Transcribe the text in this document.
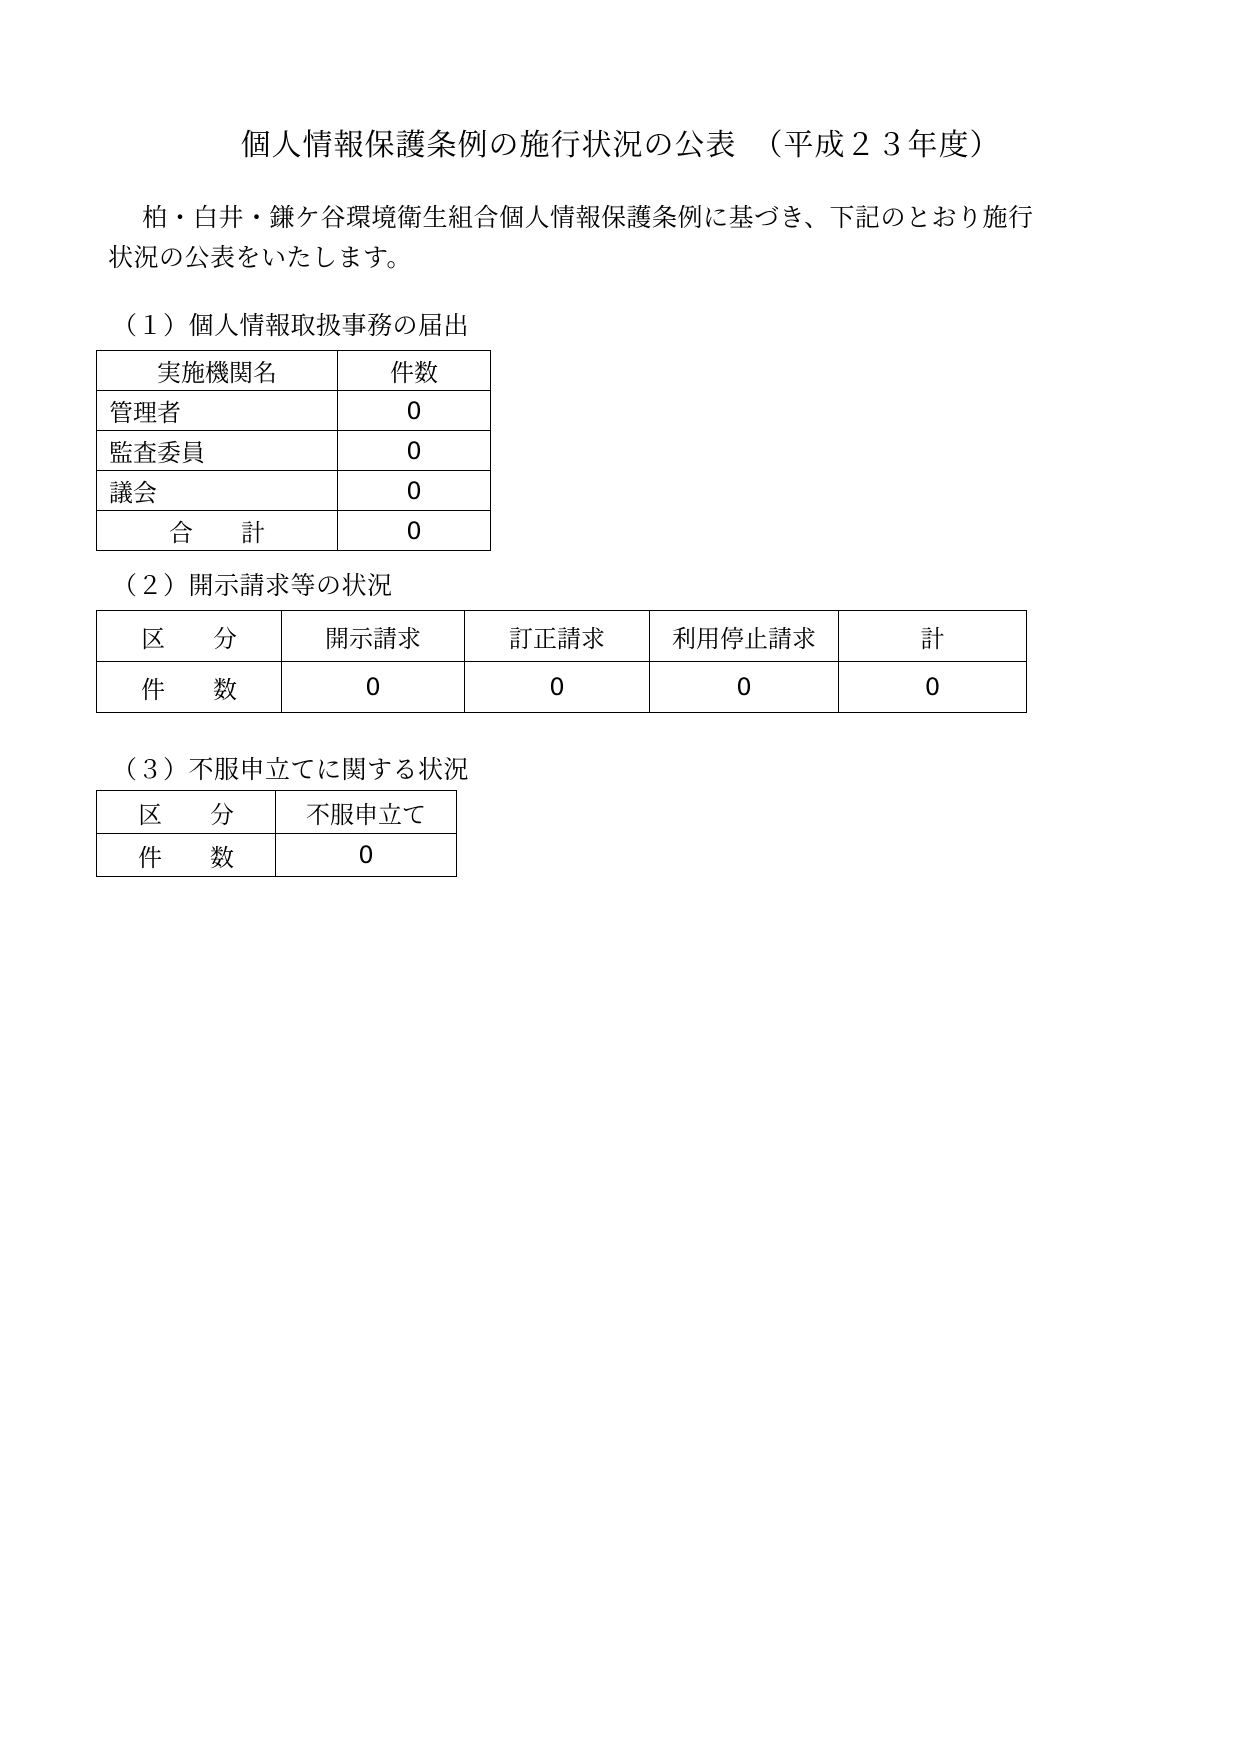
個人情報保護条例の施行状況の公表　（平成２３年度）
柏・白井・鎌ケ谷環境衛生組合個人情報保護条例に基づき、下記のとおり施行
状況の公表をいたします。
（１）個人情報取扱事務の届出
実施機関名	件数
管理者	0
監査委員	0
議会	0
合　　計	0
（２）開示請求等の状況
区　　分	開示請求	訂正請求	利用停止請求	計
件　　数	0	0	0	0
（３）不服申立てに関する状況
区　　分	不服申立て
件　　数	0
